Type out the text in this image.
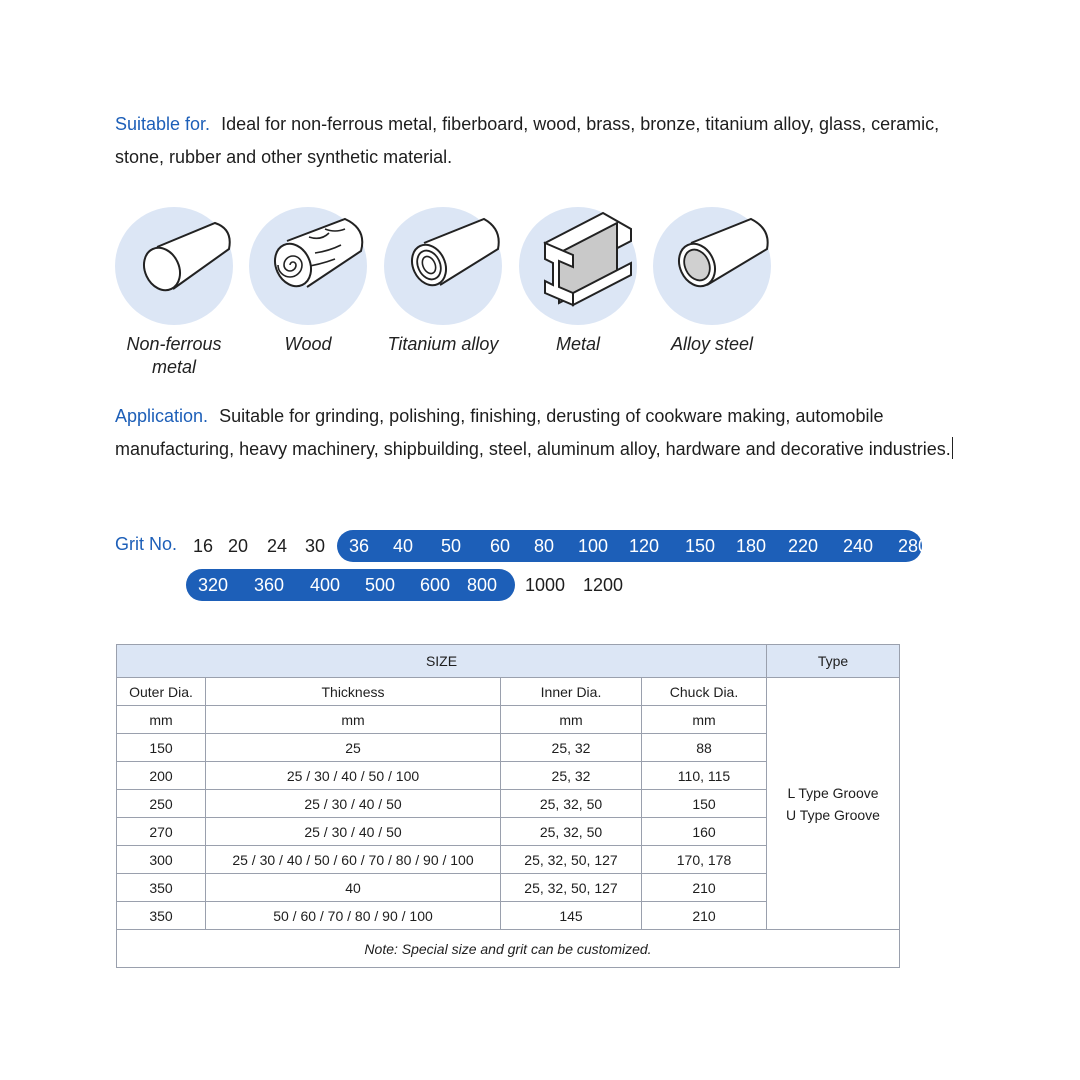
Suitable for. Ideal for non-ferrous metal, fiberboard, wood, brass, bronze, titanium alloy, glass, ceramic, stone, rubber and other synthetic material.

Non-ferrous metal
Wood	Titanium alloy	Metal	Alloy steel

Application. Suitable for grinding, polishing, finishing, derusting of cookware making, automobile manufacturing, heavy machinery, shipbuilding, steel, aluminum alloy, hardware and decorative industries.

Grit No. 16 20 24 30 36 40 50 60 80 100 120 150 180 220 240 280
320 360 400 500 600 800 1000 1200
SIZE				Type
Outer Dia.	Thickness	Inner Dia.	Chuck Dia.	L Type Groove
U Type Groove

mm	mm	mm	mm	
150	25	25, 32	88	
200	25 / 30 / 40 / 50 / 100	25, 32	110, 115	
250	25 / 30 / 40 / 50	25, 32, 50	150	
270	25 / 30 / 40 / 50	25, 32, 50	160	
300	25 / 30 / 40 / 50 / 60 / 70 / 80 / 90 / 100	25, 32, 50, 127	170, 178	
350	40	25, 32, 50, 127	210	
350	50 / 60 / 70 / 80 / 90 / 100	145	210	
Note: Special size and grit can be customized.				
